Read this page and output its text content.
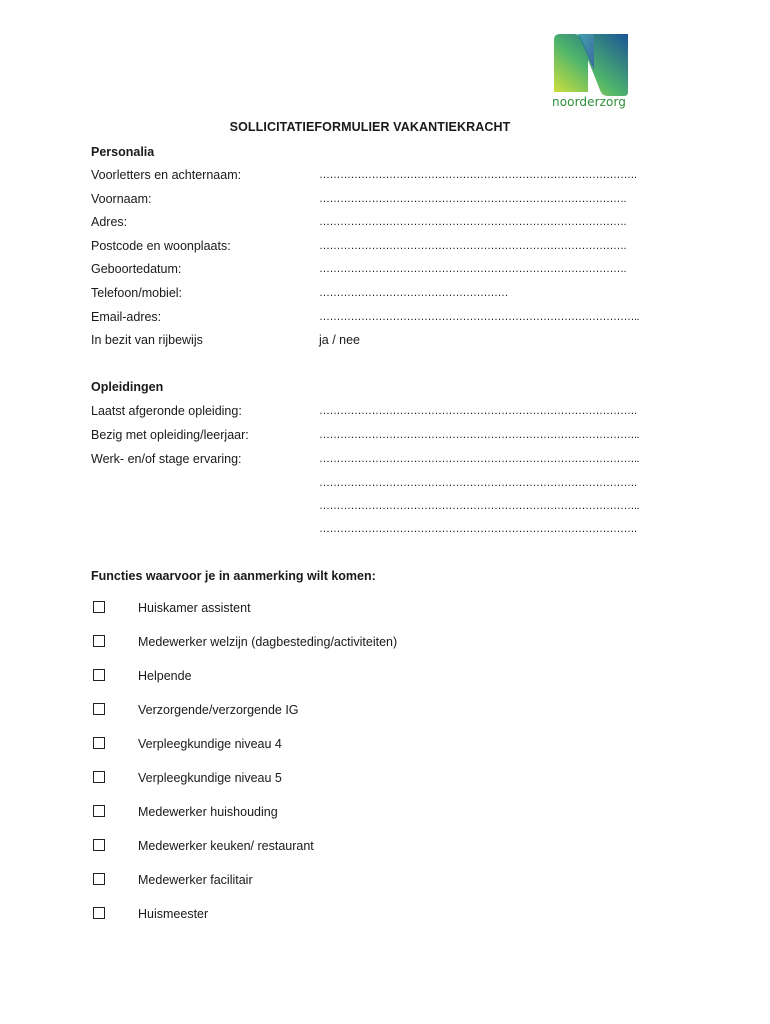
noorderzorg
SOLLICITATIEFORMULIER VAKANTIEKRACHT
Personalia
Voorletters en achternaam:	……………………………………………………………………………….
Voornaam:	…………………………………………………………………………….
Adres:	…………………………………………………………………………….
Postcode en woonplaats:	…………………………………………………………………………….
Geboortedatum:	…………………………………………………………………………….
Telefoon/mobiel:	………………………………………………
Email-adres:	………………………………………………………………………………..
In bezit van rijbewijs	ja / nee
Opleidingen
Laatst afgeronde opleiding:	……………………………………………………………………………….
Bezig met opleiding/leerjaar:	………………………………………………………………………………..
Werk- en/of stage ervaring:	………………………………………………………………………………..
……………………………………………………………………………….
………………………………………………………………………………..
……………………………………………………………………………….
Functies waarvoor je in aanmerking wilt komen:
Huiskamer assistent
Medewerker welzijn (dagbesteding/activiteiten)
Helpende
Verzorgende/verzorgende IG
Verpleegkundige niveau 4
Verpleegkundige niveau 5
Medewerker huishouding
Medewerker keuken/ restaurant
Medewerker facilitair
Huismeester
